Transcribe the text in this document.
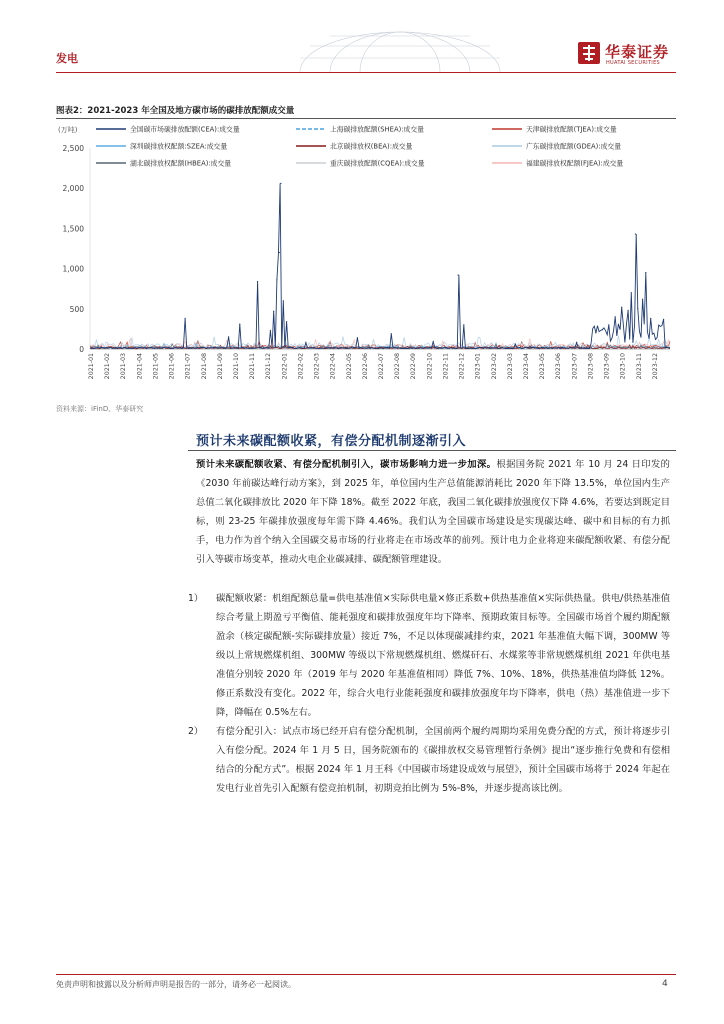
发电	华泰证券
HUATAI SECURITIES
图表2：2021-2023 年全国及地方碳市场的碳排放配额成交量
(万吨)
0
500
1,000
1,500
2,000
2,500
2021-01 2021-02 2021-03 2021-04 2021-05 2021-06 2021-07 2021-08 2021-09 2021-10 2021-11 2021-12 2022-01 2022-02 2022-03 2022-04 2022-05 2022-06 2022-07 2022-08 2022-09 2022-10 2022-11 2022-12 2023-01 2023-02 2023-03 2023-04 2023-05 2023-06 2023-07 2023-08 2023-09 2023-10 2023-11 2023-12
全国碳市场碳排放配额(CEA):成交量	上海碳排放配额(SHEA):成交量	天津碳排放配额(TJEA):成交量
深圳碳排放权配额:SZEA:成交量	北京碳排放权(BEA):成交量	广东碳排放配额(GDEA):成交量
湖北碳排放权配额(HBEA):成交量	重庆碳排放配额(CQEA):成交量	福建碳排放权配额(FJEA):成交量
资料来源：iFinD、华泰研究
预计未来碳配额收紧，有偿分配机制逐渐引入
预计未来碳配额收紧、有偿分配机制引入，碳市场影响力进一步加深。根据国务院 2021 年 10 月 24 日印发的《2030 年前碳达峰行动方案》，到 2025 年，单位国内生产总值能源消耗比 2020 年下降 13.5%，单位国内生产总值二氧化碳排放比 2020 年下降 18%。截至 2022 年底，我国二氧化碳排放强度仅下降 4.6%，若要达到既定目标，则 23-25 年碳排放强度每年需下降 4.46%。我们认为全国碳市场建设是实现碳达峰、碳中和目标的有力抓手，电力作为首个纳入全国碳交易市场的行业将走在市场改革的前列。预计电力企业将迎来碳配额收紧、有偿分配引入等碳市场变革，推动火电企业碳减排、碳配额管理建设。
1）	碳配额收紧：机组配额总量=供电基准值×实际供电量×修正系数+供热基准值×实际供热量。供电/供热基准值综合考量上期盈亏平衡值、能耗强度和碳排放强度年均下降率、预期政策目标等。全国碳市场首个履约期配额盈余（核定碳配额-实际碳排放量）接近 7%，不足以体现碳减排约束，2021 年基准值大幅下调，300MW 等级以上常规燃煤机组、300MW 等级以下常规燃煤机组、燃煤矸石、水煤浆等非常规燃煤机组 2021 年供电基准值分别较 2020 年（2019 年与 2020 年基准值相同）降低 7%、10%、18%，供热基准值均降低 12%。修正系数没有变化。2022 年，综合火电行业能耗强度和碳排放强度年均下降率，供电（热）基准值进一步下降，降幅在 0.5%左右。
2）	有偿分配引入：试点市场已经开启有偿分配机制，全国前两个履约周期均采用免费分配的方式，预计将逐步引入有偿分配。2024 年 1 月 5 日，国务院颁布的《碳排放权交易管理暂行条例》提出“逐步推行免费和有偿相结合的分配方式”。根据 2024 年 1 月王科《中国碳市场建设成效与展望》，预计全国碳市场将于 2024 年起在发电行业首先引入配额有偿竞拍机制，初期竞拍比例为 5%-8%，并逐步提高该比例。
免责声明和披露以及分析师声明是报告的一部分，请务必一起阅读。	4
